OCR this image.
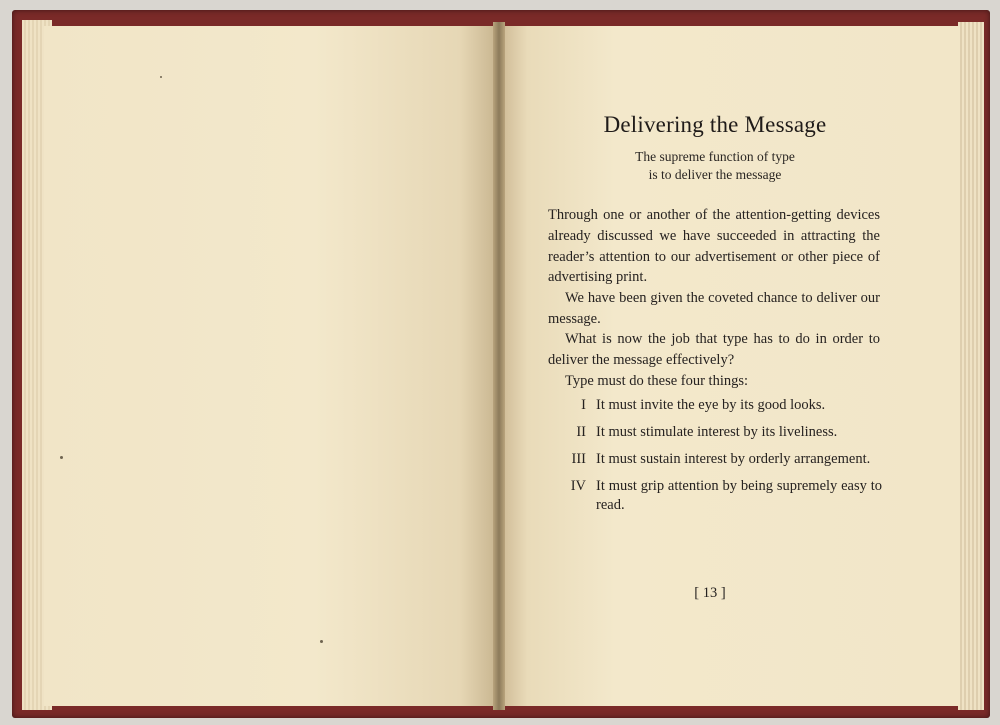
Delivering the Message
The supreme function of type
is to deliver the message
Through one or another of the attention-getting devices already discussed we have succeeded in attracting the reader’s attention to our advertisement or other piece of advertising print.
We have been given the coveted chance to deliver our message.
What is now the job that type has to do in order to deliver the message effectively?
Type must do these four things:
I It must invite the eye by its good looks.
II It must stimulate interest by its liveliness.
III It must sustain interest by orderly arrangement.
IV It must grip attention by being supremely easy to read.
[ 13 ]
